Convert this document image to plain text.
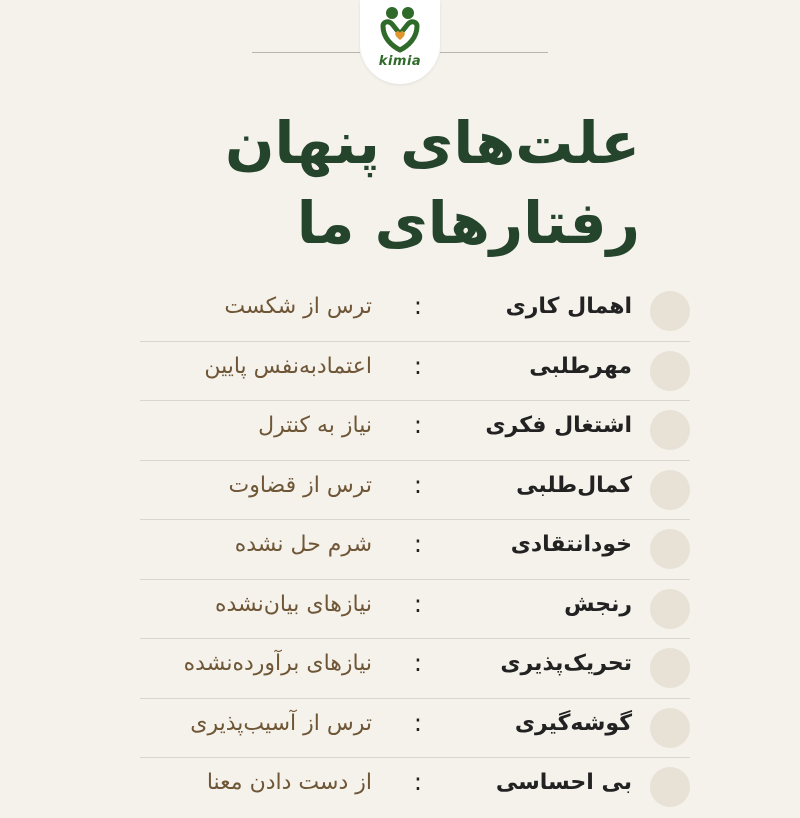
kimia
علت‌های پنهان
رفتارهای ما
اهمال کاری
:
ترس از شکست
مهرطلبی
:
اعتمادبه‌نفس پایین
اشتغال فکری
:
نیاز به کنترل
کمال‌طلبی
:
ترس از قضاوت
خودانتقادی
:
شرم حل نشده
رنجش
:
نیازهای بیان‌نشده
تحریک‌پذیری
:
نیازهای برآورده‌نشده
گوشه‌گیری
:
ترس از آسیب‌پذیری
بی احساسی
:
از دست دادن معنا
